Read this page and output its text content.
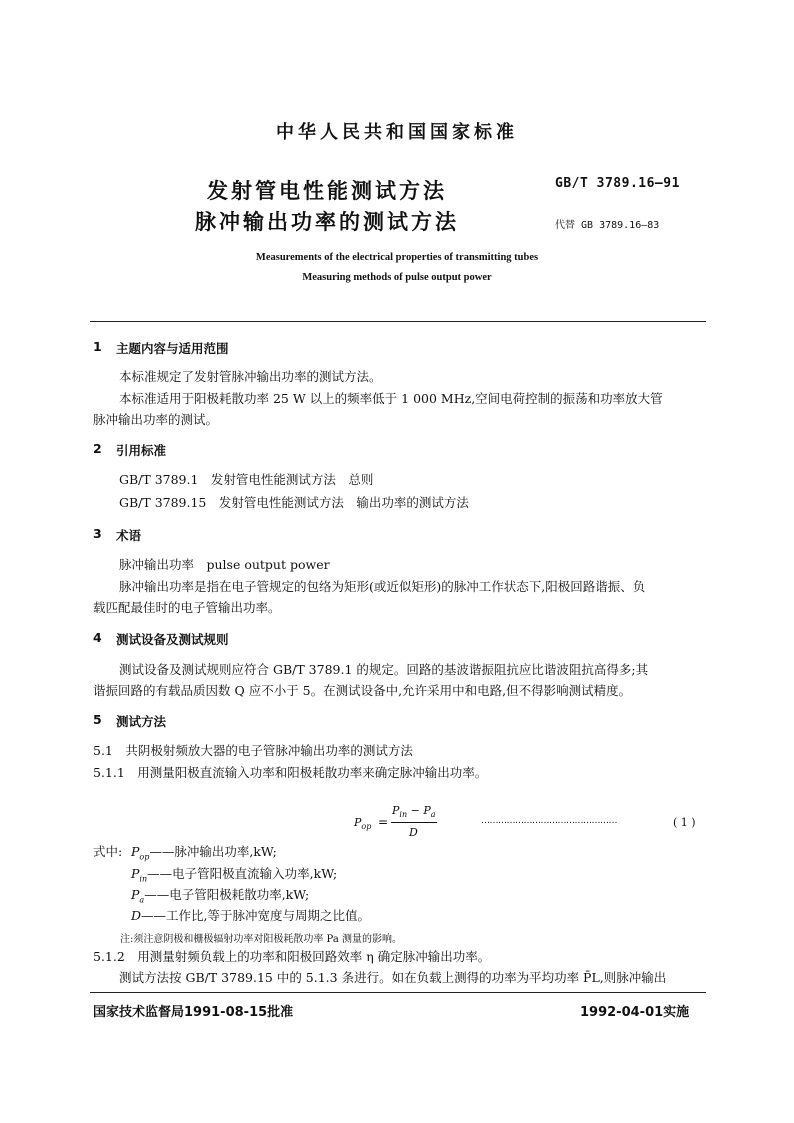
中华人民共和国国家标准
发射管电性能测试方法
脉冲输出功率的测试方法
GB/T 3789.16—91
代替 GB 3789.16—83
Measurements of the electrical properties of transmitting tubes
Measuring methods of pulse output power
1 主题内容与适用范围
本标准规定了发射管脉冲输出功率的测试方法。
本标准适用于阳极耗散功率 25 W 以上的频率低于 1 000 MHz,空间电荷控制的振荡和功率放大管
脉冲输出功率的测试。
2 引用标准
GB/T 3789.1　发射管电性能测试方法　总则
GB/T 3789.15　发射管电性能测试方法　输出功率的测试方法
3 术语
脉冲输出功率　pulse output power
脉冲输出功率是指在电子管规定的包络为矩形(或近似矩形)的脉冲工作状态下,阳极回路谐振、负
载匹配最佳时的电子管输出功率。
4 测试设备及测试规则
测试设备及测试规则应符合 GB/T 3789.1 的规定。回路的基波谐振阻抗应比谐波阻抗高得多;其
谐振回路的有载品质因数 Q 应不小于 5。在测试设备中,允许采用中和电路,但不得影响测试精度。
5 测试方法
5.1　共阴极射频放大器的电子管脉冲输出功率的测试方法
5.1.1　用测量阳极直流输入功率和阳极耗散功率来确定脉冲输出功率。
$P_{op}$ =
$P_{in} - P_a$
D
…………………………………………	( 1 )
式中: $P_{op}——$脉冲输出功率,kW;
$P_{in}——$电子管阳极直流输入功率,kW;
$P_a——$电子管阳极耗散功率,kW;
D——工作比,等于脉冲宽度与周期之比值。
注:须注意阴极和栅极辐射功率对阳极耗散功率 Pa 测量的影响。
5.1.2　用测量射频负载上的功率和阳极回路效率 η 确定脉冲输出功率。
测试方法按 GB/T 3789.15 中的 5.1.3 条进行。如在负载上测得的功率为平均功率 P̄L,则脉冲输出
国家技术监督局1991-08-15批准	1992-04-01实施
